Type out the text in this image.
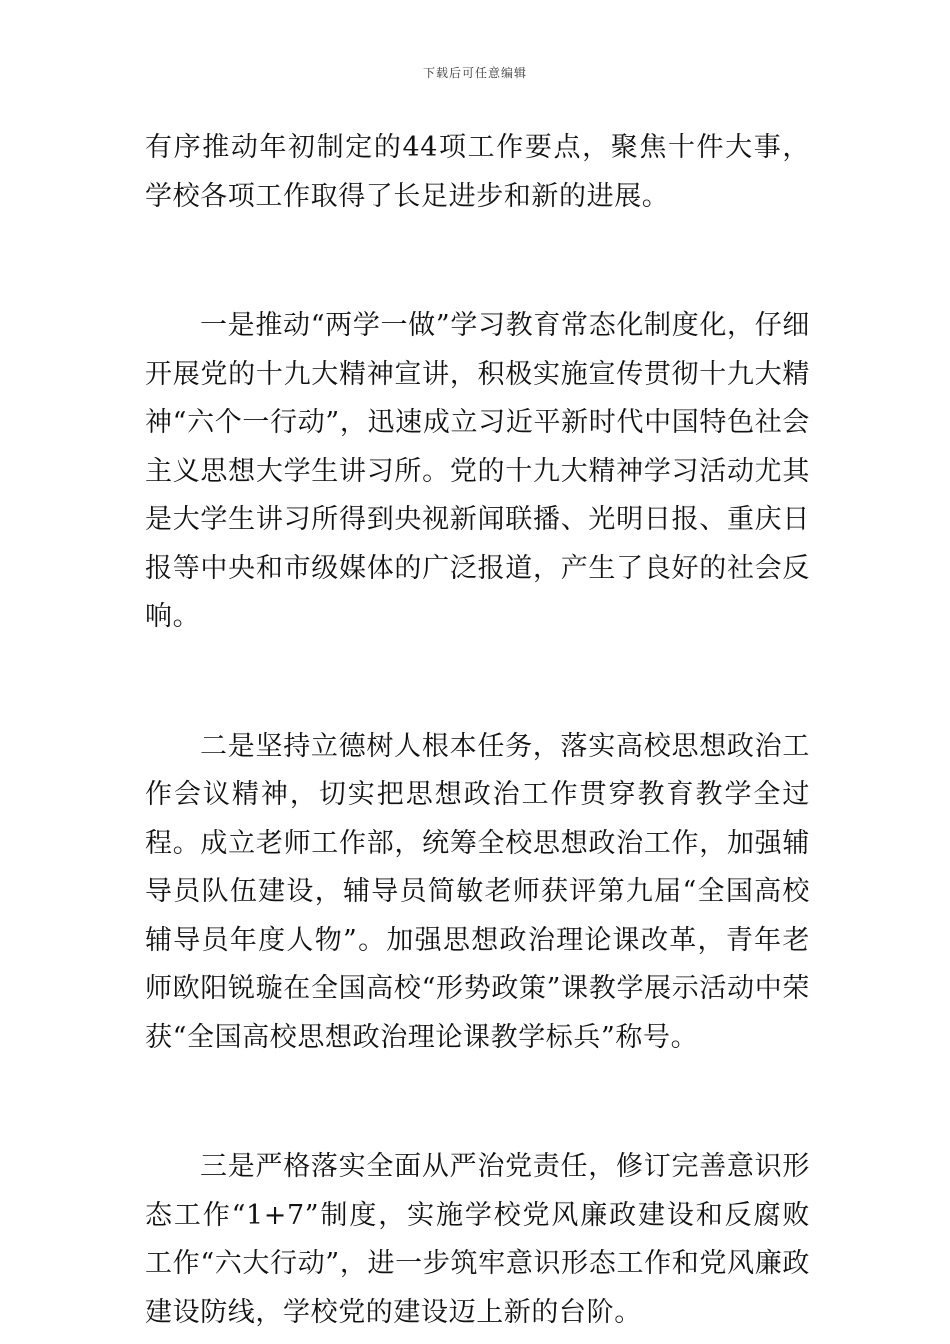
下载后可任意编辑

有序推动年初制定的44项工作要点，聚焦十件大事，学校各项工作取得了长足进步和新的进展。

一是推动“两学一做”学习教育常态化制度化，仔细开展党的十九大精神宣讲，积极实施宣传贯彻十九大精神“六个一行动”，迅速成立习近平新时代中国特色社会主义思想大学生讲习所。党的十九大精神学习活动尤其是大学生讲习所得到央视新闻联播、光明日报、重庆日报等中央和市级媒体的广泛报道，产生了良好的社会反响。

二是坚持立德树人根本任务，落实高校思想政治工作会议精神，切实把思想政治工作贯穿教育教学全过程。成立老师工作部，统筹全校思想政治工作，加强辅导员队伍建设，辅导员简敏老师获评第九届“全国高校辅导员年度人物”。加强思想政治理论课改革，青年老师欧阳锐璇在全国高校“形势政策”课教学展示活动中荣获“全国高校思想政治理论课教学标兵”称号。

三是严格落实全面从严治党责任，修订完善意识形态工作“1+7”制度，实施学校党风廉政建设和反腐败工作“六大行动”，进一步筑牢意识形态工作和党风廉政建设防线，学校党的建设迈上新的台阶。
